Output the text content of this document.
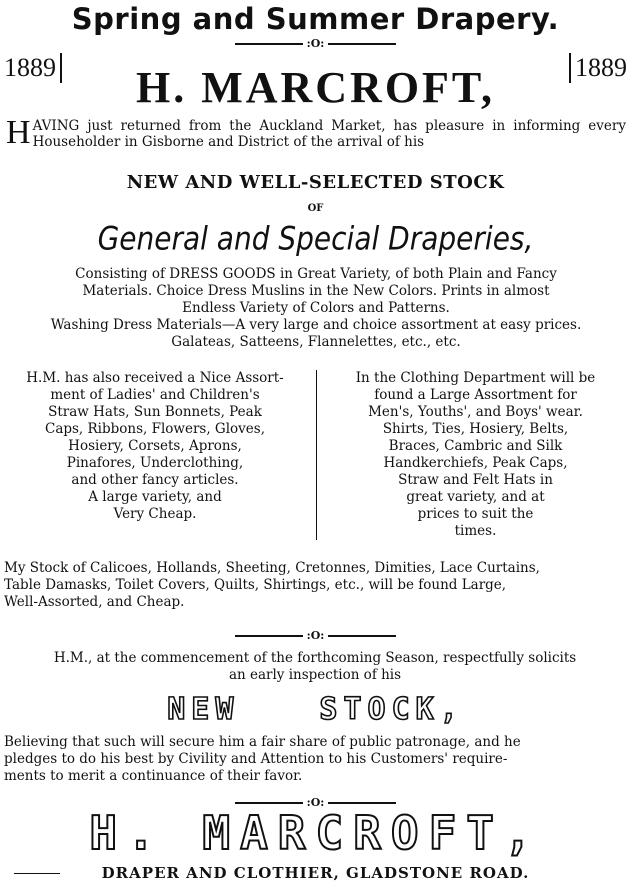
Spring and Summer Drapery.
:O:
1889	1889
H. MARCROFT,
HAVING just returned from the Auckland Market, has pleasure in informing every Householder in Gisborne and District of the arrival of his
NEW AND WELL-SELECTED STOCK
OF
General and Special Draperies,
Consisting of DRESS GOODS in Great Variety, of both Plain and Fancy
Materials. Choice Dress Muslins in the New Colors. Prints in almost
Endless Variety of Colors and Patterns.
Washing Dress Materials—A very large and choice assortment at easy prices.
Galateas, Satteens, Flannelettes, etc., etc.
H.M. has also received a Nice Assort-
ment of Ladies' and Children's
Straw Hats, Sun Bonnets, Peak
Caps, Ribbons, Flowers, Gloves,
Hosiery, Corsets, Aprons,
Pinafores, Underclothing,
and other fancy articles.
A large variety, and
Very Cheap.
In the Clothing Department will be
found a Large Assortment for
Men's, Youths', and Boys' wear.
Shirts, Ties, Hosiery, Belts,
Braces, Cambric and Silk
Handkerchiefs, Peak Caps,
Straw and Felt Hats in
great variety, and at
prices to suit the
times.
My Stock of Calicoes, Hollands, Sheeting, Cretonnes, Dimities, Lace Curtains,
Table Damasks, Toilet Covers, Quilts, Shirtings, etc., will be found Large,
Well-Assorted, and Cheap.
:O:
H.M., at the commencement of the forthcoming Season, respectfully solicits
an early inspection of his
NEW	STOCK,
Believing that such will secure him a fair share of public patronage, and he
pledges to do his best by Civility and Attention to his Customers' require-
ments to merit a continuance of their favor.
:O:
H. MARCROFT,
DRAPER AND CLOTHIER, GLADSTONE ROAD.
